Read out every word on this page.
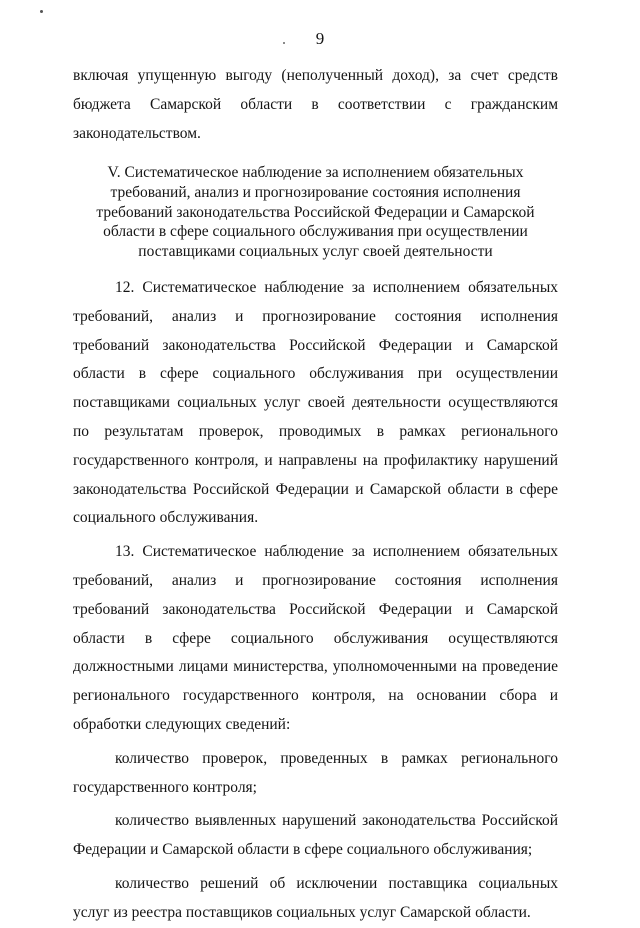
9

включая упущенную выгоду (неполученный доход), за счет средств бюджета Самарской области в соответствии с гражданским законодательством.

V. Систематическое наблюдение за исполнением обязательных требований, анализ и прогнозирование состояния исполнения требований законодательства Российской Федерации и Самарской области в сфере социального обслуживания при осуществлении поставщиками социальных услуг своей деятельности

12. Систематическое наблюдение за исполнением обязательных требований, анализ и прогнозирование состояния исполнения требований законодательства Российской Федерации и Самарской области в сфере социального обслуживания при осуществлении поставщиками социальных услуг своей деятельности осуществляются по результатам проверок, проводимых в рамках регионального государственного контроля, и направлены на профилактику нарушений законодательства Российской Федерации и Самарской области в сфере социального обслуживания.

13. Систематическое наблюдение за исполнением обязательных требований, анализ и прогнозирование состояния исполнения требований законодательства Российской Федерации и Самарской области в сфере социального обслуживания осуществляются должностными лицами министерства, уполномоченными на проведение регионального государственного контроля, на основании сбора и обработки следующих сведений:

количество проверок, проведенных в рамках регионального государственного контроля;

количество выявленных нарушений законодательства Российской Федерации и Самарской области в сфере социального обслуживания;

количество решений об исключении поставщика социальных услуг из реестра поставщиков социальных услуг Самарской области.
